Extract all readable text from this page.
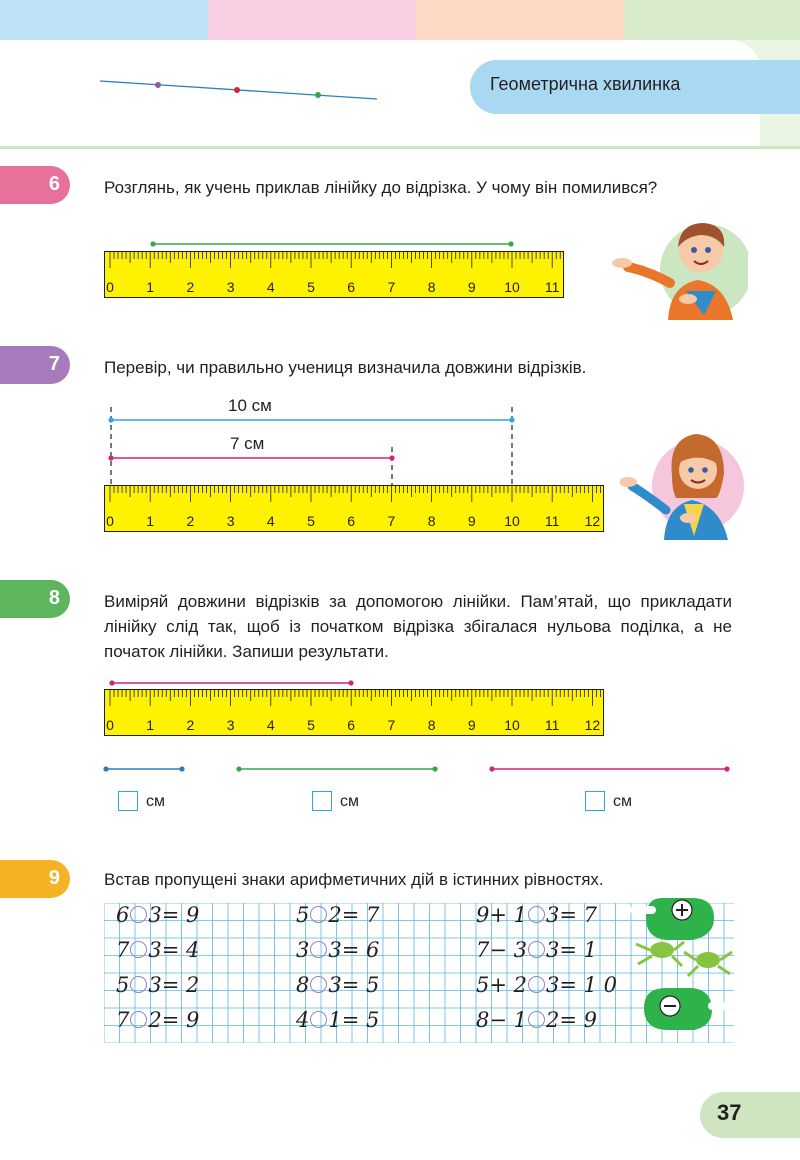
Геометрична хвилинка
6	Розглянь, як учень приклав лінійку до відрізка. У чому він помилився?
0 1 2 3 4 5 6 7 8 9 10 11
7	Перевір, чи правильно учениця визначила довжини відрізків.
10 см
7 см
0 1 2 3 4 5 6 7 8 9 10 11 12
8	Виміряй довжини відрізків за допомогою лінійки. Пам’ятай, що прикладати лінійку слід так, щоб із початком відрізка збігалася нульова поділка, а не початок лінійки. Запиши результати.
0 1 2 3 4 5 6 7 8 9 10 11 12
см	см	см
9	Встав пропущені знаки арифметичних дій в істинних рівностях.
6 3= 9	5 2= 7	9+ 1 3= 7
7 3= 4	3 3= 6	7− 3 3= 1
5 3= 2	8 3= 5	5+ 2 3= 1 0
7 2= 9	4 1= 5	8− 1 2= 9
37
